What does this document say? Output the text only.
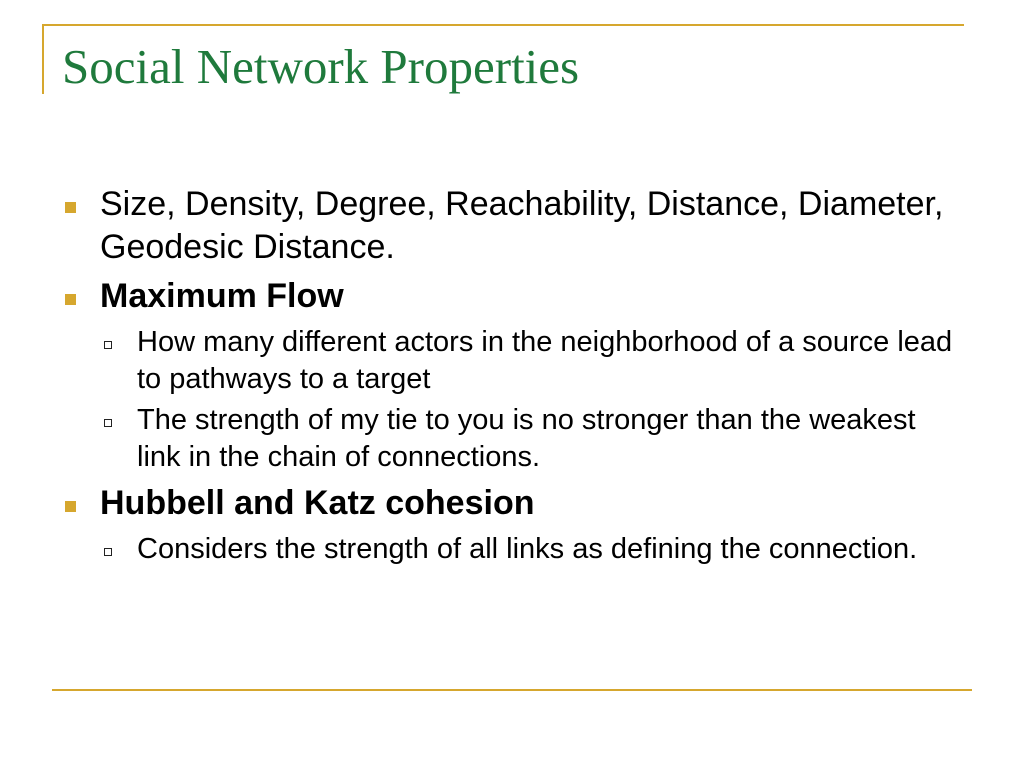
Social Network Properties
Size, Density, Degree, Reachability, Distance, Diameter, Geodesic Distance.
Maximum Flow
How many different actors in the neighborhood of a source lead to pathways to a target
The strength of my tie to you is no stronger than the weakest link in the chain of connections.
Hubbell and Katz cohesion
Considers the strength of all links as defining the connection.
